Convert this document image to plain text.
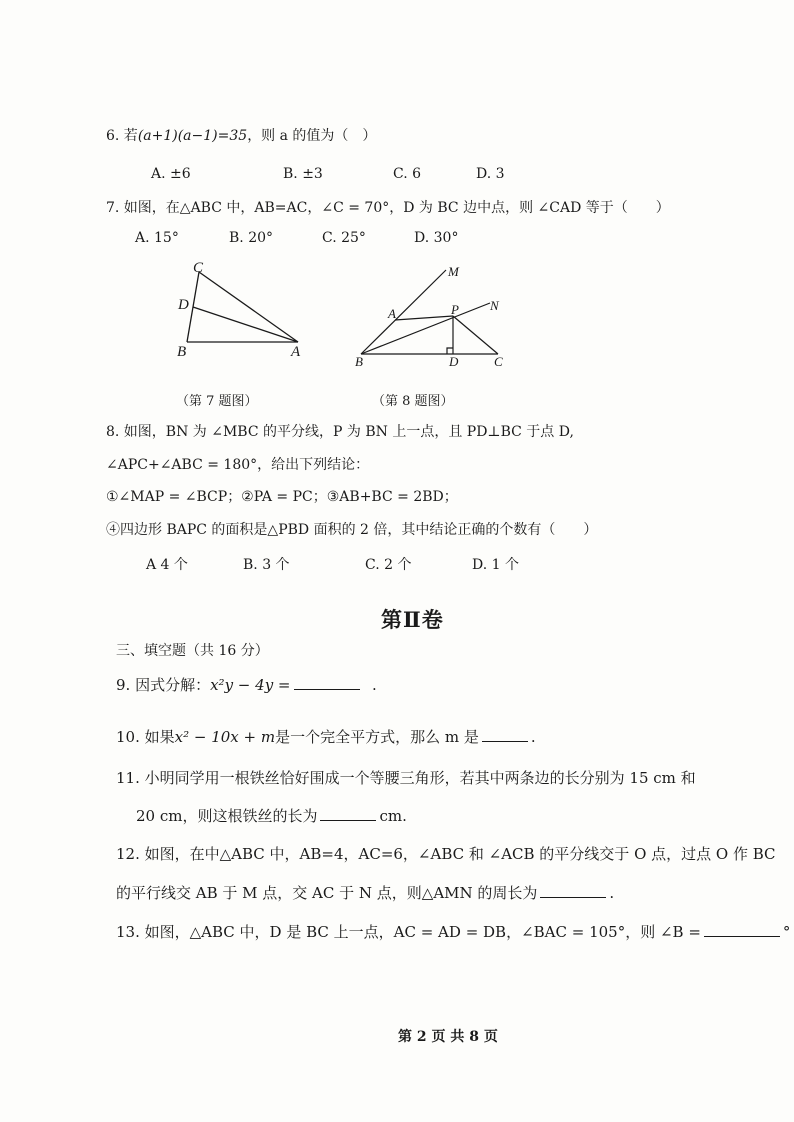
6. 若(a+1)(a−1)=35，则 a 的值为（　）
A. ±6	B. ±3	C. 6	D. 3
7. 如图，在△ABC 中，AB=AC，∠C = 70°，D 为 BC 边中点，则 ∠CAD 等于（　　）
A. 15°	B. 20°	C. 25°	D. 30°
C
D
B	A
M
N
A	P
B	D	C
（第 7 题图）	（第 8 题图）
8. 如图，BN 为 ∠MBC 的平分线，P 为 BN 上一点，且 PD⊥BC 于点 D,
∠APC+∠ABC = 180°，给出下列结论：
①∠MAP = ∠BCP；②PA = PC；③AB+BC = 2BD；
④四边形 BAPC 的面积是△PBD 面积的 2 倍，其中结论正确的个数有（　　）
A 4 个	B. 3 个	C. 2 个	D. 1 个
第Ⅱ卷
三、填空题（共 16 分）
9. 因式分解：x²y − 4y =	.
10. 如果x² − 10x + m是一个完全平方式，那么 m 是	.
11. 小明同学用一根铁丝恰好围成一个等腰三角形，若其中两条边的长分别为 15 cm 和
20 cm，则这根铁丝的长为	cm.
12. 如图，在中△ABC 中，AB=4，AC=6，∠ABC 和 ∠ACB 的平分线交于 O 点，过点 O 作 BC
的平行线交 AB 于 M 点，交 AC 于 N 点，则△AMN 的周长为	.
13. 如图，△ABC 中，D 是 BC 上一点，AC = AD = DB，∠BAC = 105°，则 ∠B =	°
第 2 页 共 8 页
